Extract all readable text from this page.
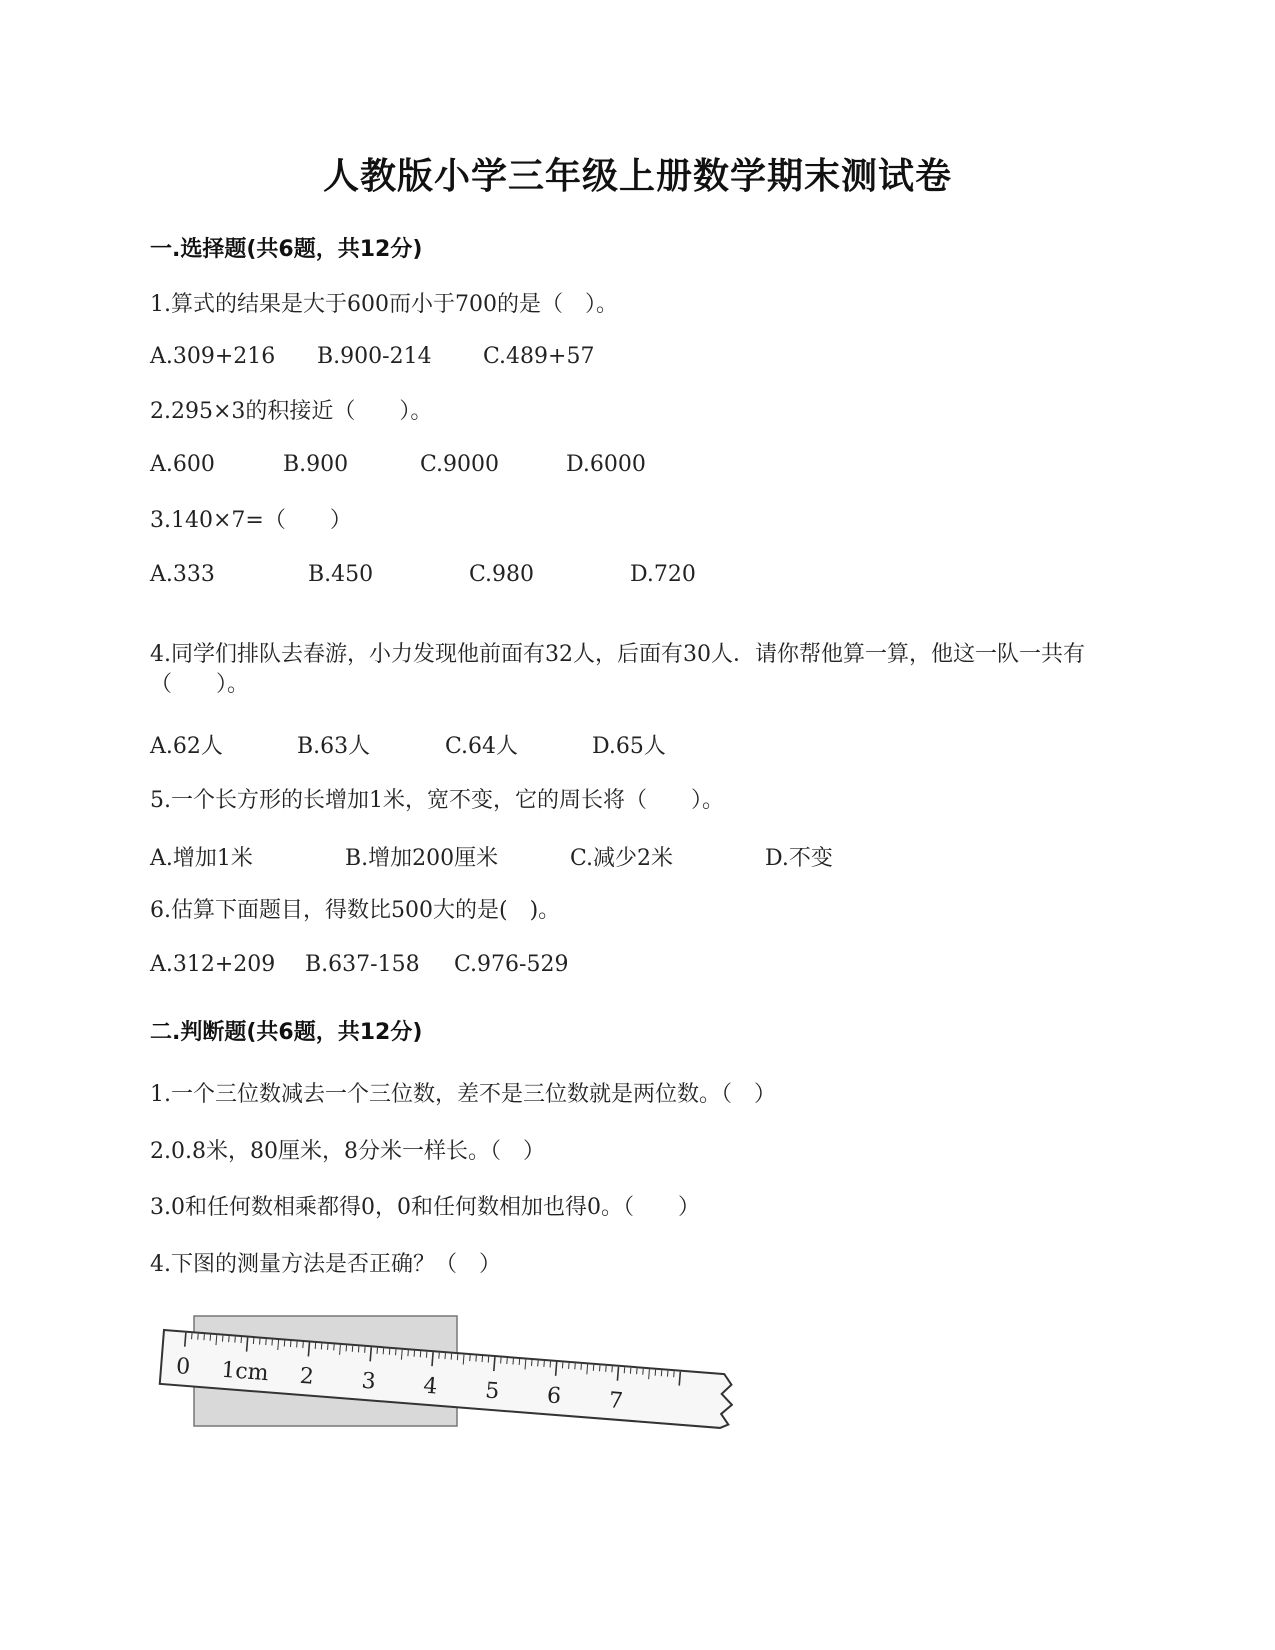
人教版小学三年级上册数学期末测试卷
一.选择题(共6题，共12分)
1.算式的结果是大于600而小于700的是（　）。
A.309+216 B.900-214 C.489+57
2.295×3的积接近（　　）。
A.600	B.900	C.9000	D.6000
3.140×7=（　　）
A.333	B.450	C.980	D.720
4.同学们排队去春游，小力发现他前面有32人，后面有30人．请你帮他算一算，他这一队一共有（　　）。
A.62人	B.63人	C.64人	D.65人
5.一个长方形的长增加1米，宽不变，它的周长将（　　）。
A.增加1米	B.增加200厘米	C.减少2米	D.不变
6.估算下面题目，得数比500大的是(　)。
A.312+209 B.637-158 C.976-529
二.判断题(共6题，共12分)
1.一个三位数减去一个三位数，差不是三位数就是两位数。（　）
2.0.8米，80厘米，8分米一样长。（　）
3.0和任何数相乘都得0，0和任何数相加也得0。（　　）
4.下图的测量方法是否正确？（　）
0 1cm 2 3 4 5 6 7
